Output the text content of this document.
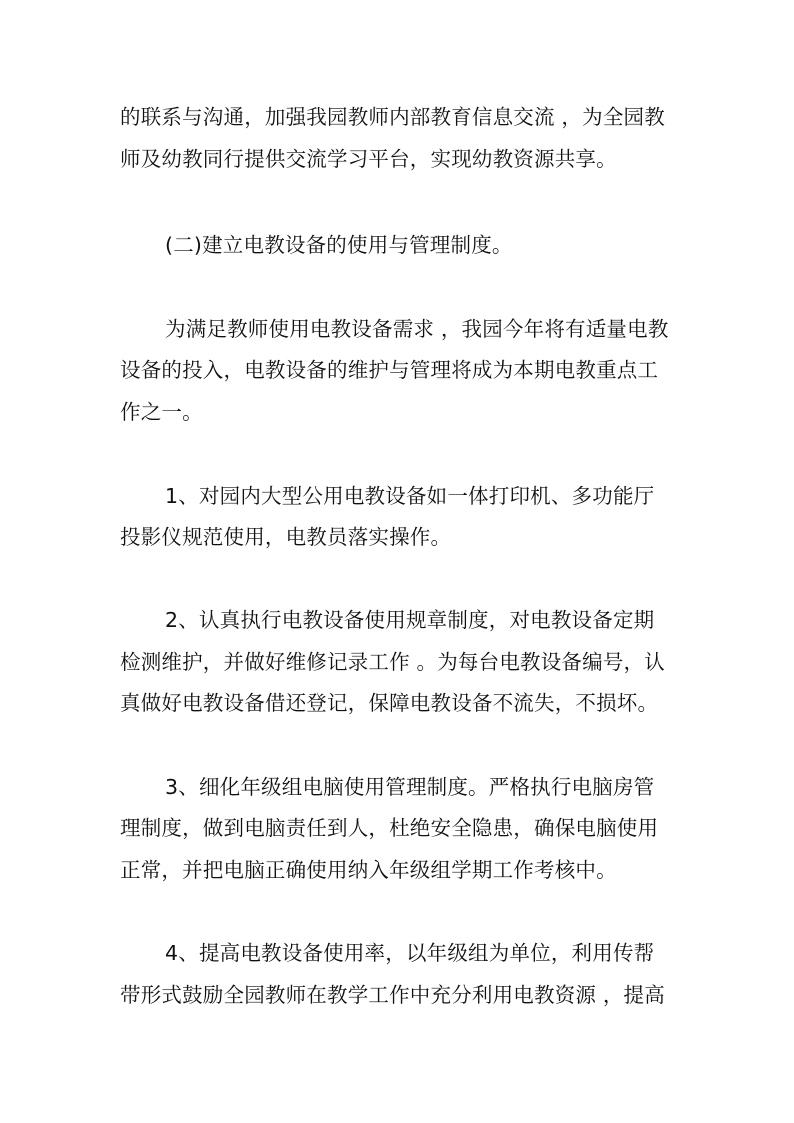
的联系与沟通，加强我园教师内部教育信息交流 ，为全园教
师及幼教同行提供交流学习平台，实现幼教资源共享。
(二)建立电教设备的使用与管理制度。
为满足教师使用电教设备需求 ，我园今年将有适量电教
设备的投入，电教设备的维护与管理将成为本期电教重点工
作之一。
1、对园内大型公用电教设备如一体打印机、多功能厅
投影仪规范使用，电教员落实操作。
2、认真执行电教设备使用规章制度，对电教设备定期
检测维护，并做好维修记录工作 。为每台电教设备编号，认
真做好电教设备借还登记，保障电教设备不流失，不损坏。
3、细化年级组电脑使用管理制度。严格执行电脑房管
理制度，做到电脑责任到人，杜绝安全隐患，确保电脑使用
正常，并把电脑正确使用纳入年级组学期工作考核中。
4、提高电教设备使用率，以年级组为单位，利用传帮
带形式鼓励全园教师在教学工作中充分利用电教资源 ，提高
